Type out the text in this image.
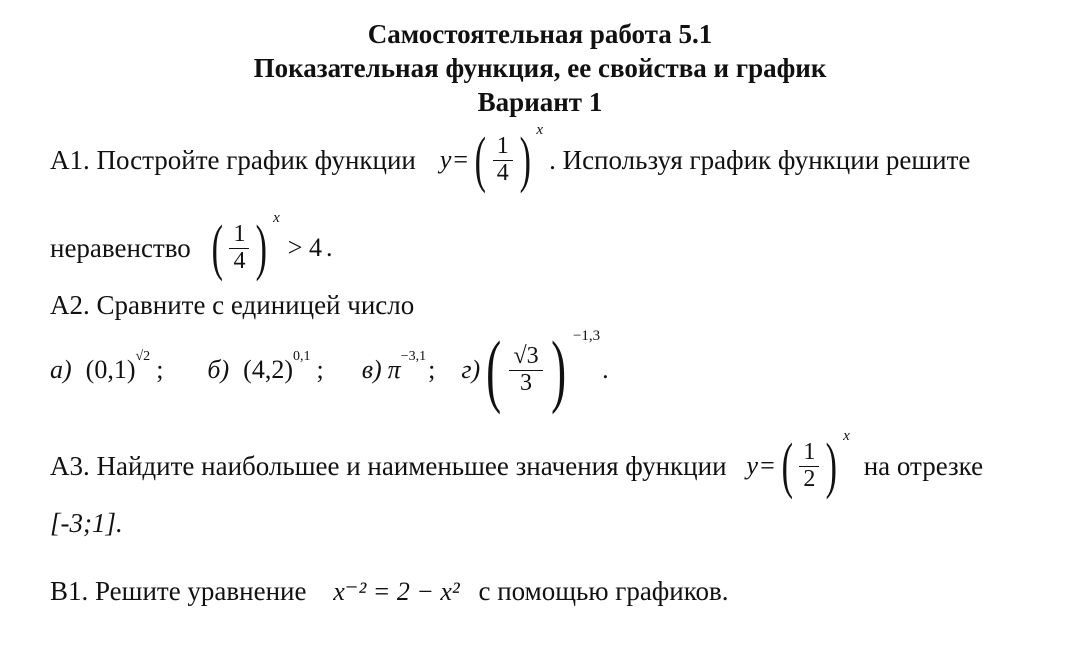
Самостоятельная работа 5.1
Показательная функция, ее свойства и график
Вариант 1
А1. Постройте график функции y = ( $\frac{1}{4}$ ) x
. Используя график функции решите
неравенство ( $\frac{1}{4}$ ) x
> 4 .
А2. Сравните с единицей число
а) (0,1) √2 ; б) (4,2) 0,1 ; в) π −3,1 ; г) ( $\frac{√3}{3}$ ) −1,3
.
А3. Найдите наибольшее и наименьшее значения функции y = ( $\frac{1}{2}$ ) x
на отрезке
[-3;1].
В1. Решите уравнение x⁻² = 2 − x² с помощью графиков.
